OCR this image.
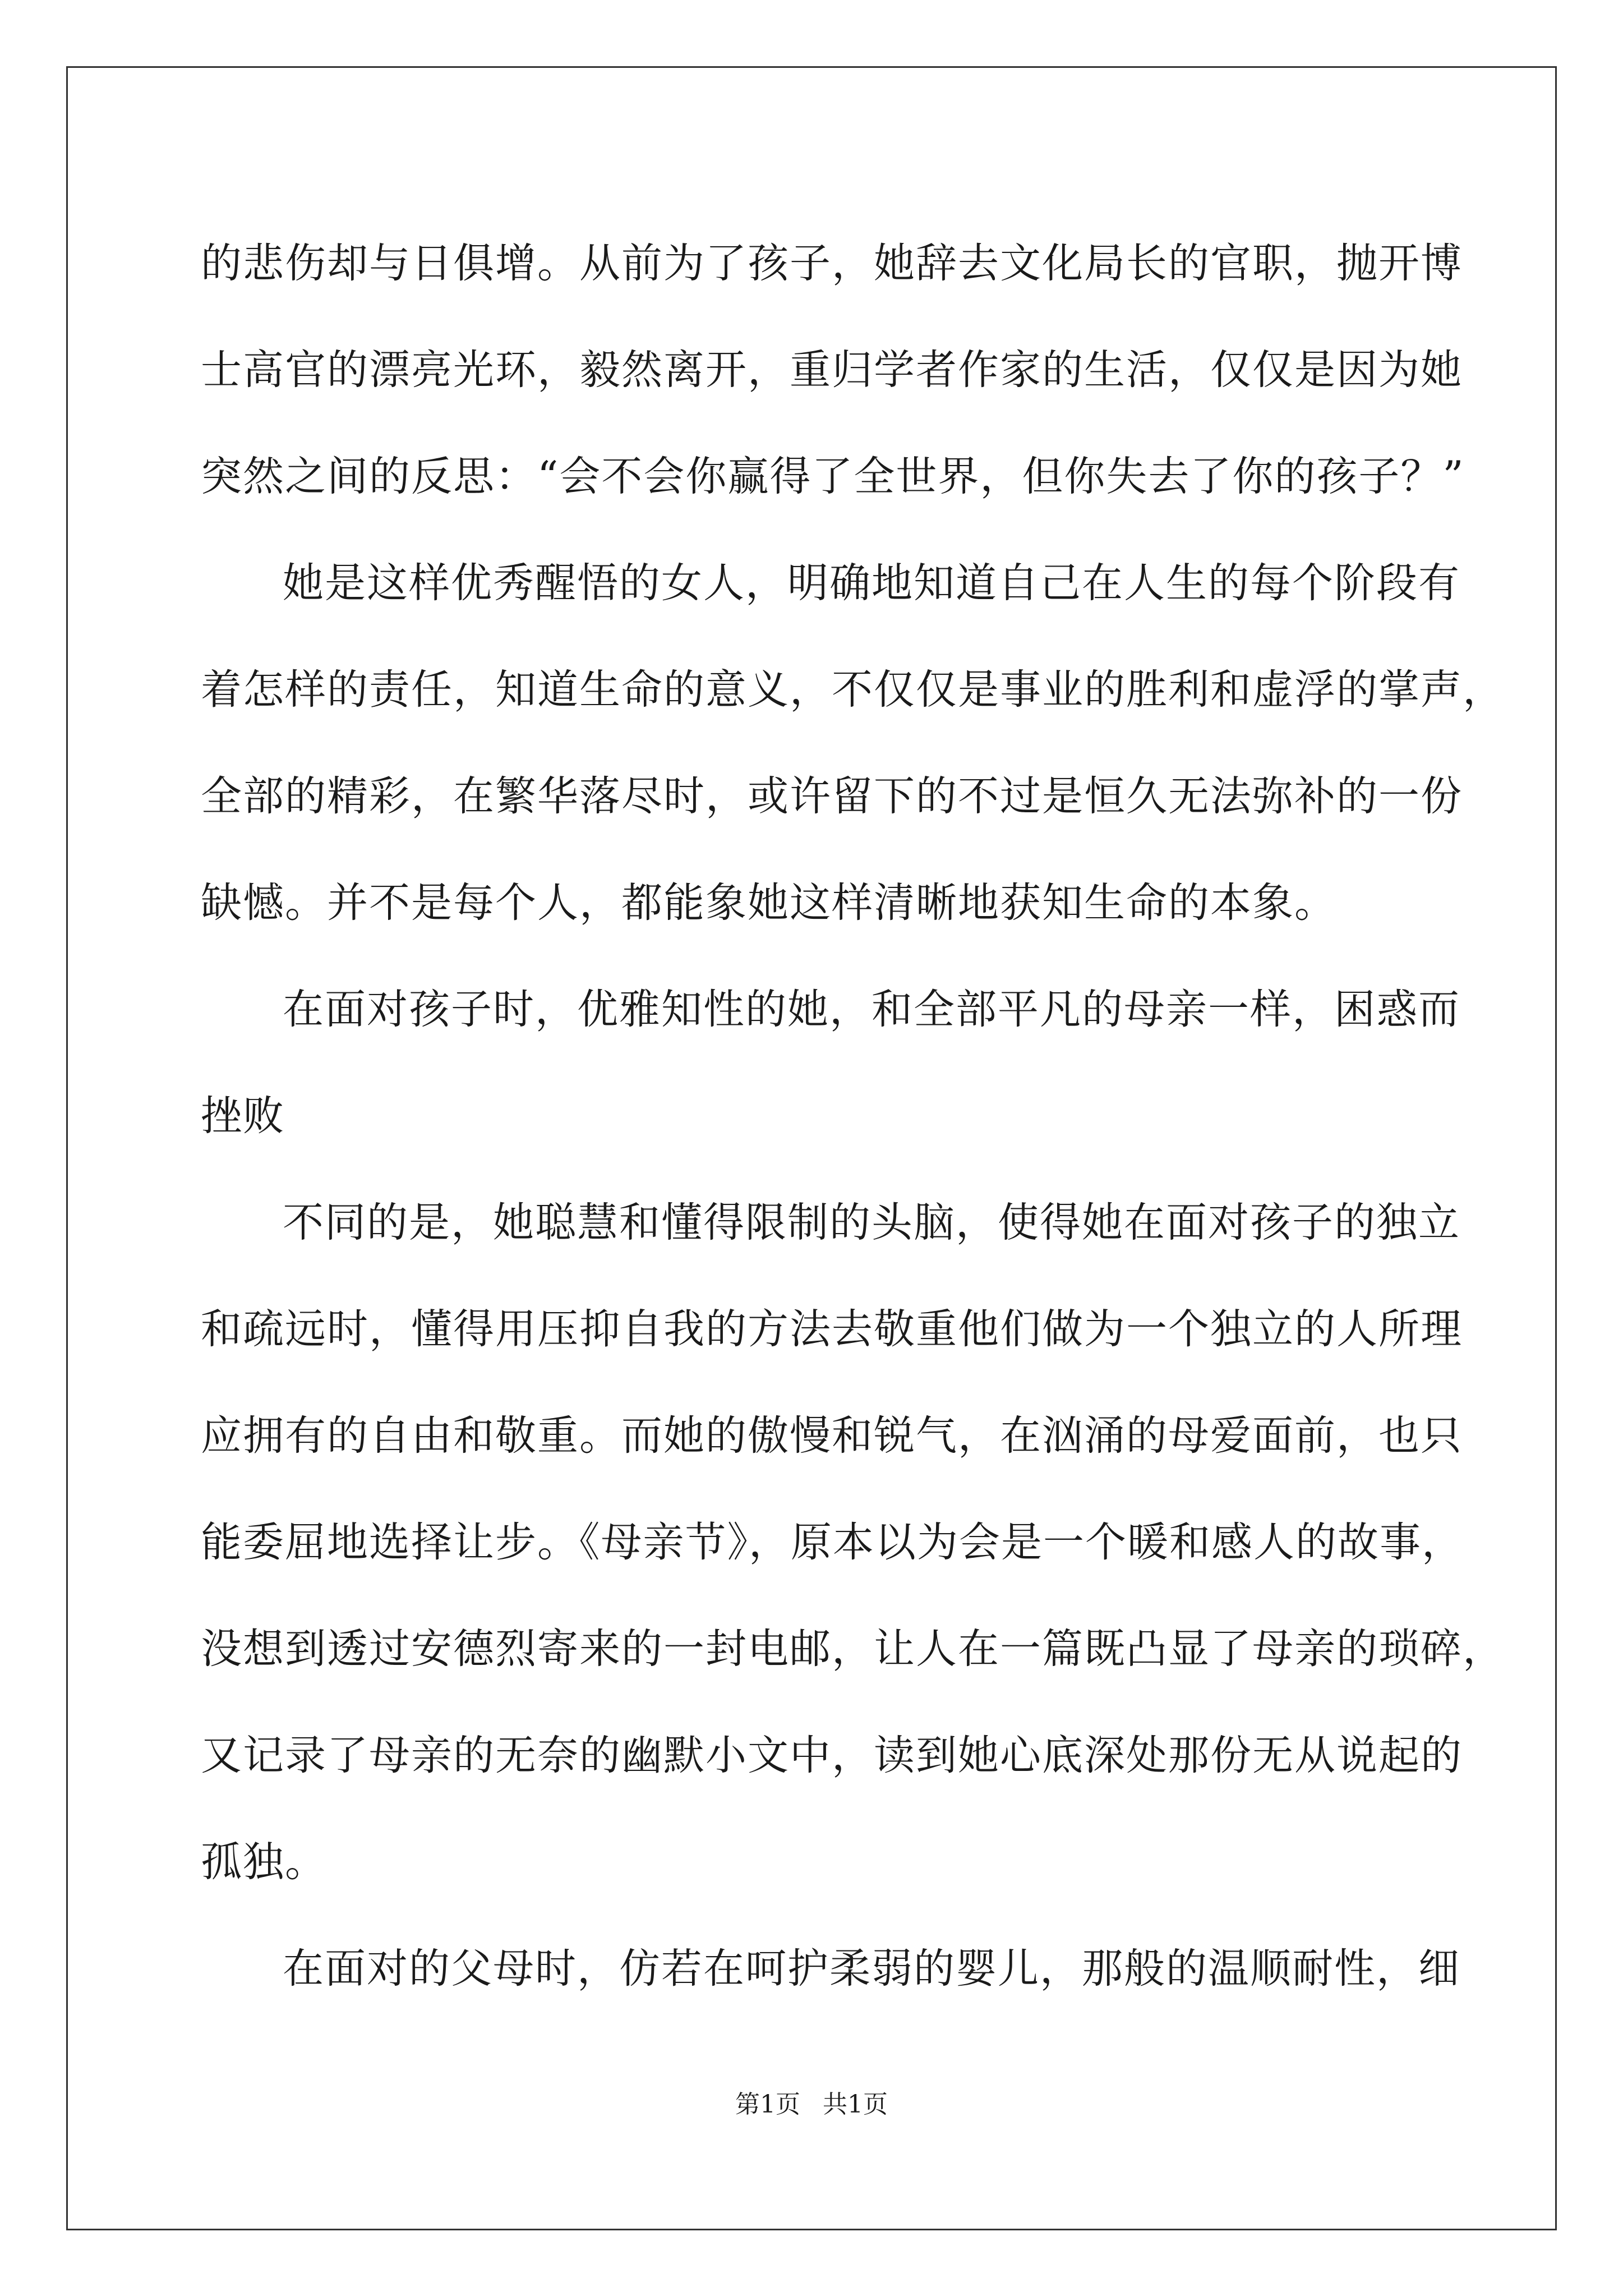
的悲伤却与日俱增。从前为了孩子，她辞去文化局长的官职，抛开博
士高官的漂亮光环，毅然离开，重归学者作家的生活，仅仅是因为她
突然之间的反思：“会不会你赢得了全世界，但你失去了你的孩子？”
她是这样优秀醒悟的女人，明确地知道自己在人生的每个阶段有
着怎样的责任，知道生命的意义，不仅仅是事业的胜利和虚浮的掌声，
全部的精彩，在繁华落尽时，或许留下的不过是恒久无法弥补的一份
缺憾。并不是每个人，都能象她这样清晰地获知生命的本象。
在面对孩子时，优雅知性的她，和全部平凡的母亲一样，困惑而
挫败
不同的是，她聪慧和懂得限制的头脑，使得她在面对孩子的独立
和疏远时，懂得用压抑自我的方法去敬重他们做为一个独立的人所理
应拥有的自由和敬重。而她的傲慢和锐气，在汹涌的母爱面前，也只
能委屈地选择让步。《母亲节》，原本以为会是一个暖和感人的故事，
没想到透过安德烈寄来的一封电邮，让人在一篇既凸显了母亲的琐碎，
又记录了母亲的无奈的幽默小文中，读到她心底深处那份无从说起的
孤独。
在面对的父母时，仿若在呵护柔弱的婴儿，那般的温顺耐性，细
第1页 共1页
